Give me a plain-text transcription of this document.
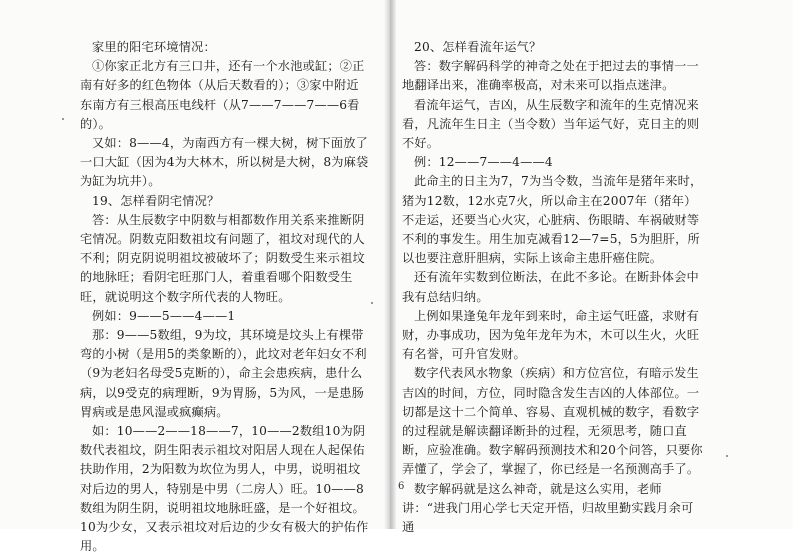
家里的阳宅环境情况：

①你家正北方有三口井，还有一个水池或缸；②正南有好多的红色物体（从后天数看的）；③家中附近东南方有三根高压电线杆（从7——7——7——6看的）。

又如：8——4，为南西方有一棵大树，树下面放了一口大缸（因为4为大林木，所以树是大树，8为麻袋为缸为坑井）。

19、怎样看阴宅情况？

答：从生辰数字中阴数与相都数作用关系来推断阴宅情况。阴数克阳数祖坟有问题了，祖坟对现代的人不利；阴克阴说明祖坟被破坏了；阴数受生来示祖坟的地脉旺；看阴宅旺那门人，着重看哪个阳数受生旺，就说明这个数字所代表的人物旺。

例如：9——5——4——1

那：9——5数组，9为坟，其环境是坟头上有棵带弯的小树（是用5的类象断的），此坟对老年妇女不利（9为老妇名母受5克断的），命主会患疾病，患什么病，以9受克的病理断，9为胃肠，5为风，一是患肠胃病或是患风湿或疯癫病。

如：10——2——18——7，10——2数组10为阴数代表祖坟，阴生阳表示祖坟对阳居人现在人起保佑扶助作用，2为阳数为坎位为男人，中男，说明祖坟对后边的男人，特别是中男（二房人）旺。10——8数组为阴生阴，说明祖坟地脉旺盛，是一个好祖坟。10为少女，又表示祖坟对后边的少女有极大的护佑作用。

20、怎样看流年运气？

答：数字解码科学的神奇之处在于把过去的事情一一地翻译出来，准确率极高，对未来可以指点迷津。

看流年运气，吉凶，从生辰数字和流年的生克情况来看，凡流年生日主（当令数）当年运气好，克日主的则不好。

例：12——7——4——4

此命主的日主为7，7为当令数，当流年是猪年来时，猪为12数，12水克7火，所以命主在2007年（猪年）不走运，还要当心火灾，心脏病、伤眼睛、车祸破财等不利的事发生。用生加克减看12—7=5，5为胆肝，所以也要注意肝胆病，实际上该命主患肝癌住院。

还有流年实数到位断法，在此不多论。在断卦体会中我有总结归纳。

上例如果逢兔年龙年到来时，命主运气旺盛，求财有财，办事成功，因为兔年龙年为木，木可以生火，火旺有名誉，可升官发财。

数字代表风水物象（疾病）和方位宫位，有暗示发生吉凶的时间，方位，同时隐含发生吉凶的人体部位。一切都是这十二个简单、容易、直观机械的数字，看数字的过程就是解读翻译断卦的过程，无须思考，随口直断，应验准确。数字解码预测技术和20个问答，只要你弄懂了，学会了，掌握了，你已经是一名预测高手了。

数字解码就是这么神奇，就是这么实用，老师讲：“进我门用心学七天定开悟，归故里勤实践月余可通

6
